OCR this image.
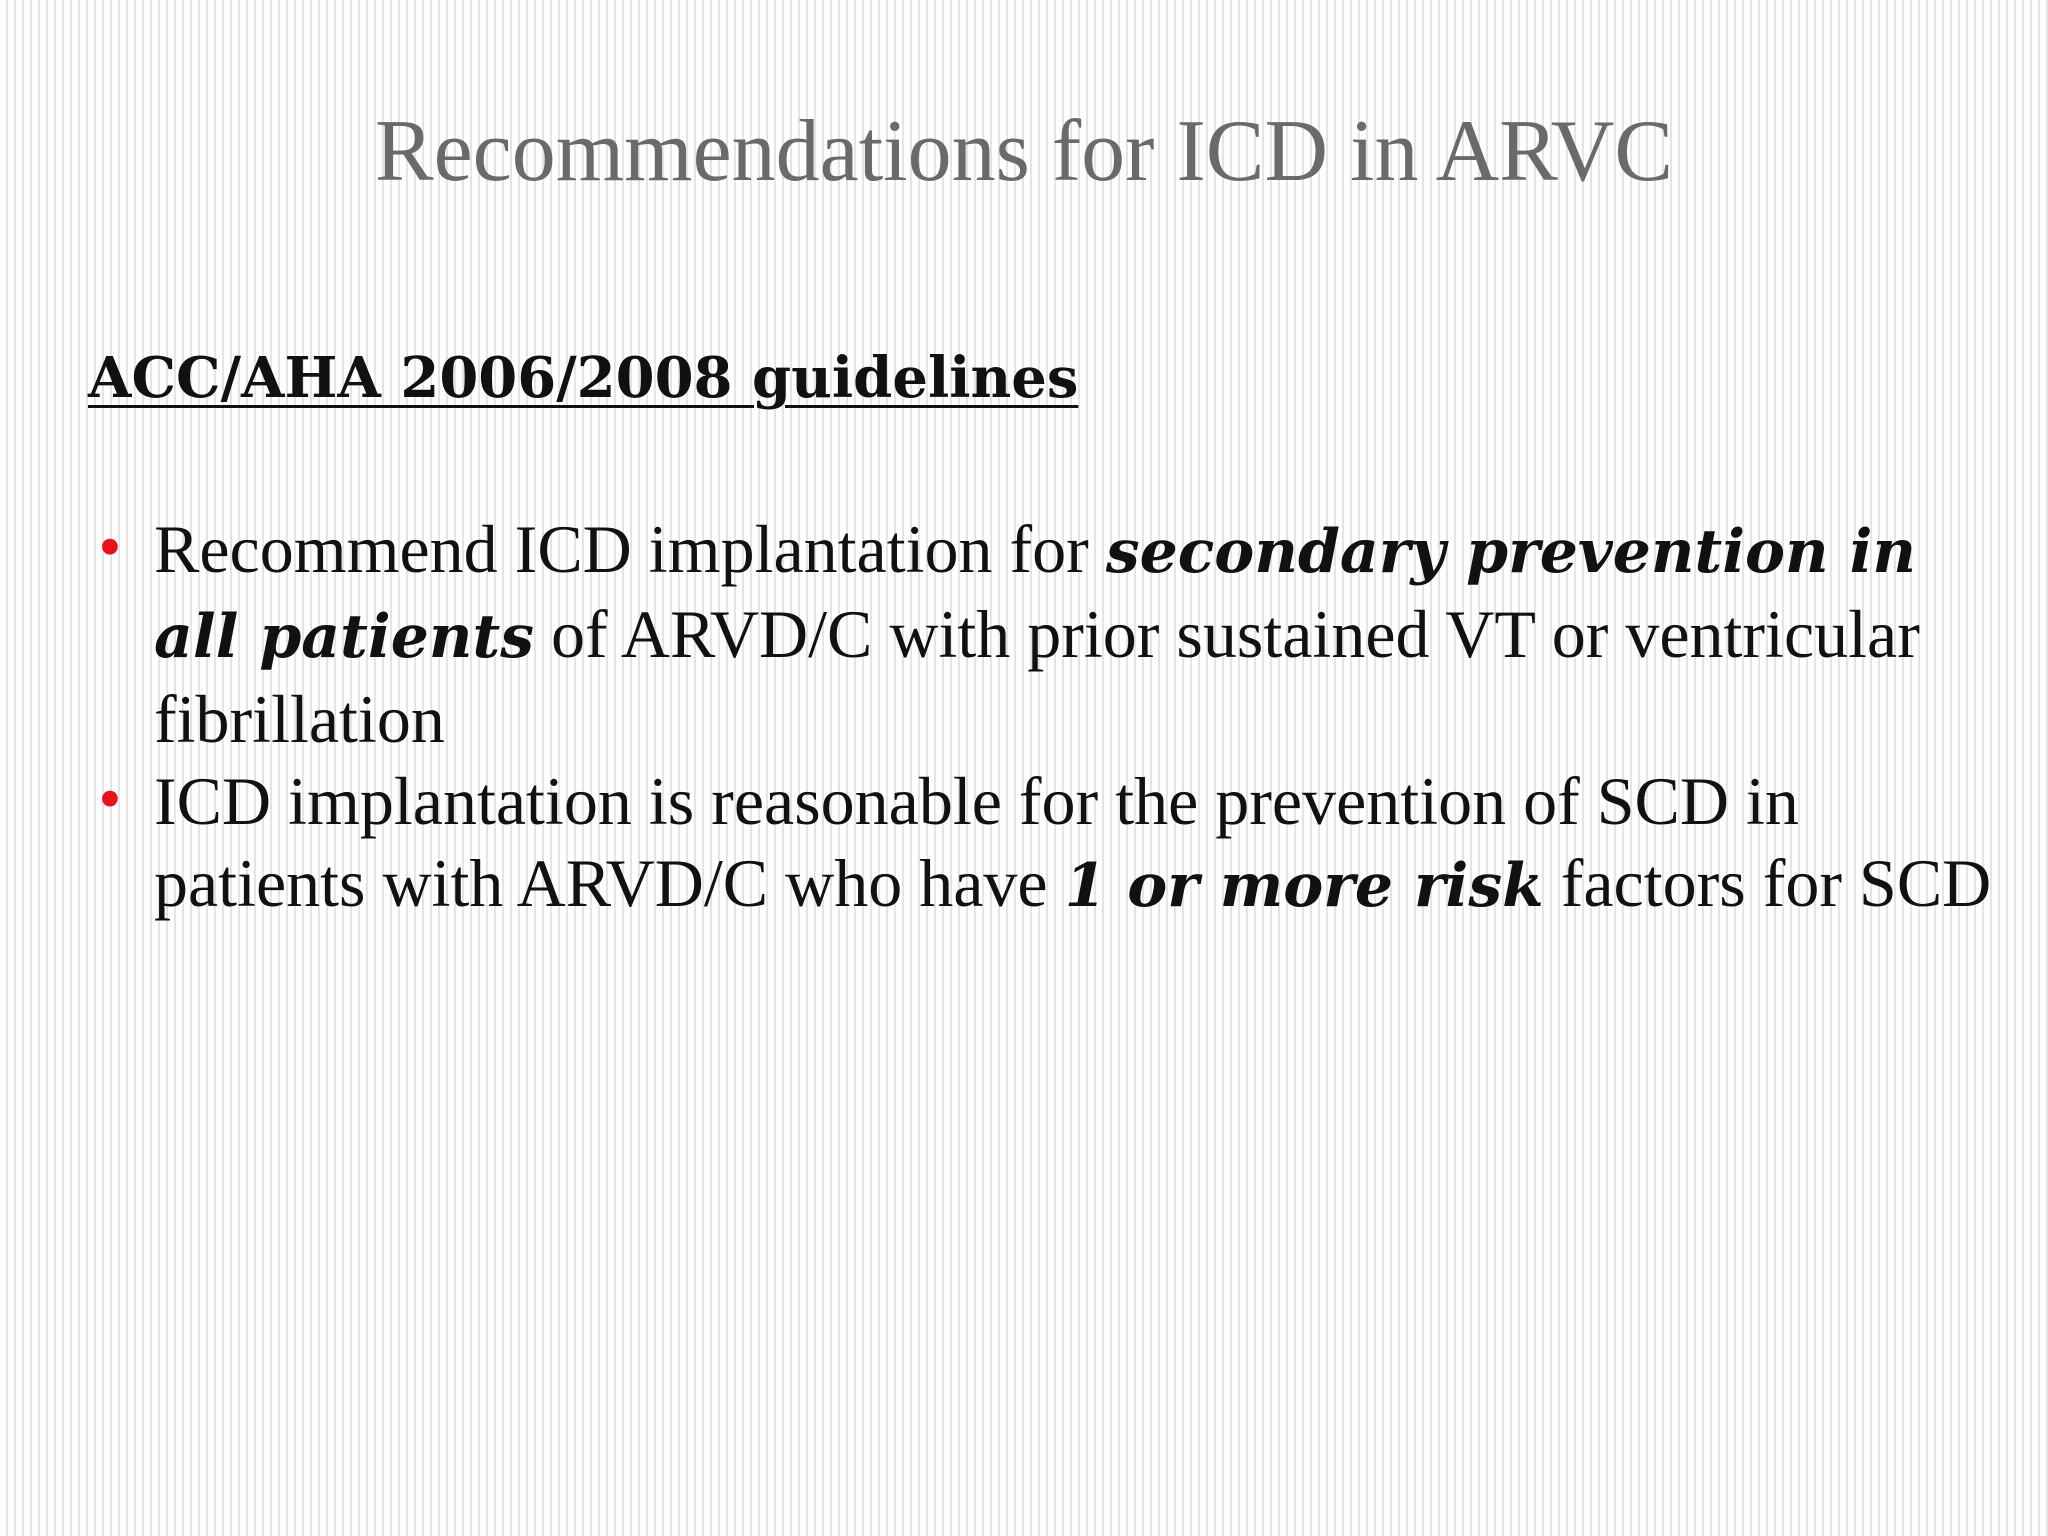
Recommendations for ICD in ARVC
ACC/AHA 2006/2008 guidelines
• Recommend ICD implantation for secondary prevention in all patients of ARVD/C with prior sustained VT or ventricular fibrillation
• ICD implantation is reasonable for the prevention of SCD in patients with ARVD/C who have 1 or more risk factors for SCD
